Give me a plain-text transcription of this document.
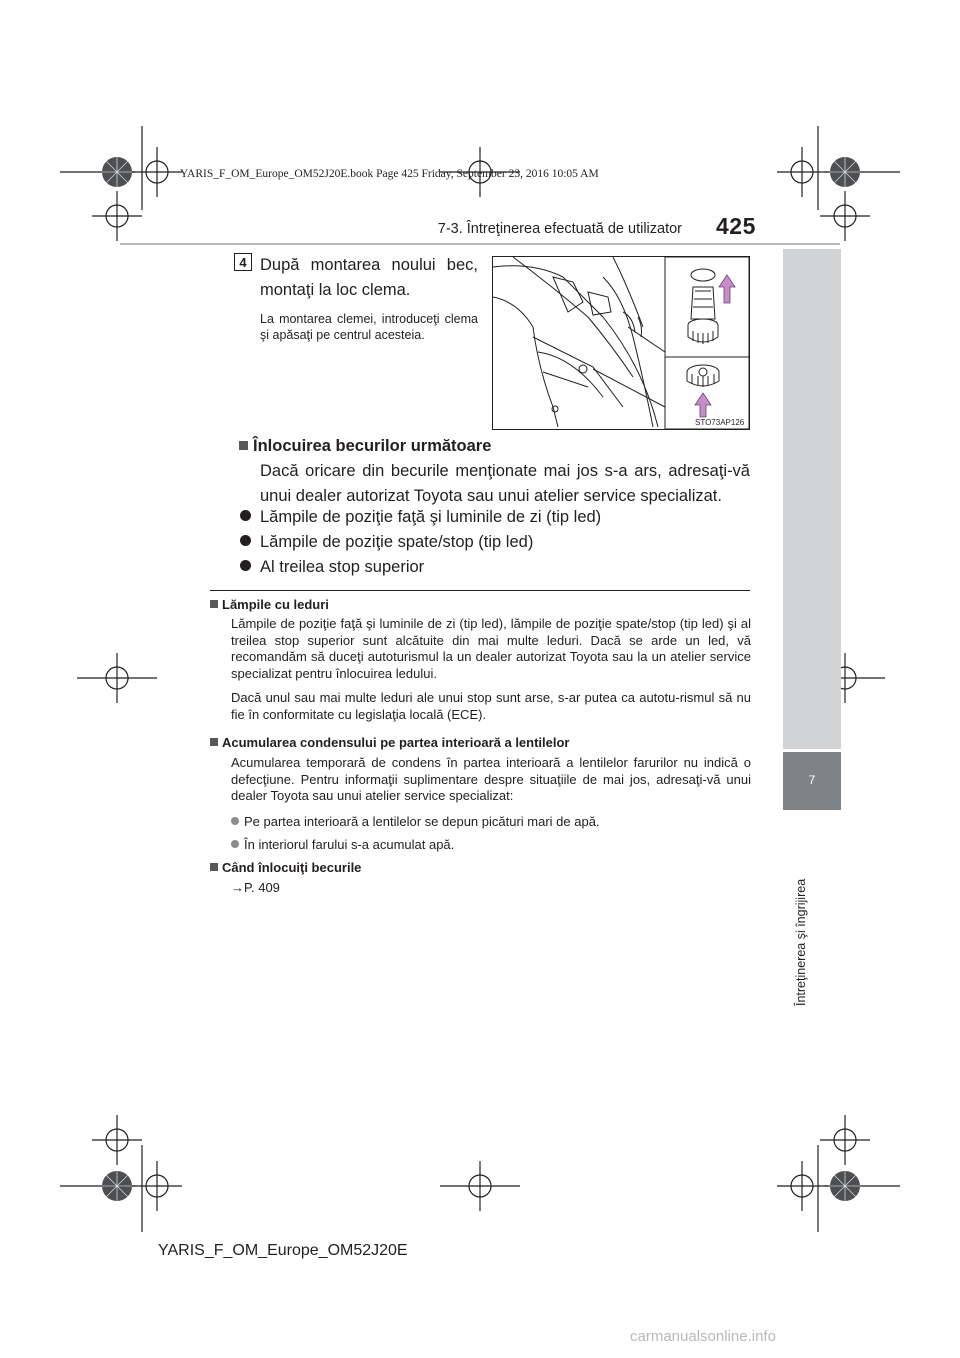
YARIS_F_OM_Europe_OM52J20E.book Page 425 Friday, September 23, 2016 10:05 AM
7-3. Întreţinerea efectuată de utilizator 425
7
Întreţinerea şi îngrijirea
4 După montarea noului bec,
montaţi la loc clema.
La montarea clemei, introduceţi clema şi apăsaţi pe centrul acesteia.
STO73AP126
Înlocuirea becurilor următoare
Dacă oricare din becurile menţionate mai jos s-a ars, adresaţi-vă unui dealer autorizat Toyota sau unui atelier service specializat.
Lămpile de poziţie faţă şi luminile de zi (tip led)
Lămpile de poziţie spate/stop (tip led)
Al treilea stop superior
Lămpile cu leduri
Lămpile de poziţie faţă şi luminile de zi (tip led), lămpile de poziţie spate/stop (tip led) şi al treilea stop superior sunt alcătuite din mai multe leduri. Dacă se arde un led, vă recomandăm să duceţi autoturismul la un dealer autorizat Toyota sau la un atelier service specializat pentru înlocuirea ledului.
Dacă unul sau mai multe leduri ale unui stop sunt arse, s-ar putea ca autotu-rismul să nu fie în conformitate cu legislaţia locală (ECE).
Acumularea condensului pe partea interioară a lentilelor
Acumularea temporară de condens în partea interioară a lentilelor farurilor nu indică o defecţiune. Pentru informaţii suplimentare despre situaţiile de mai jos, adresaţi-vă unui dealer Toyota sau unui atelier service specializat:
Pe partea interioară a lentilelor se depun picături mari de apă.
În interiorul farului s-a acumulat apă.
Când înlocuiţi becurile
→P. 409
YARIS_F_OM_Europe_OM52J20E
carmanualsonline.info
